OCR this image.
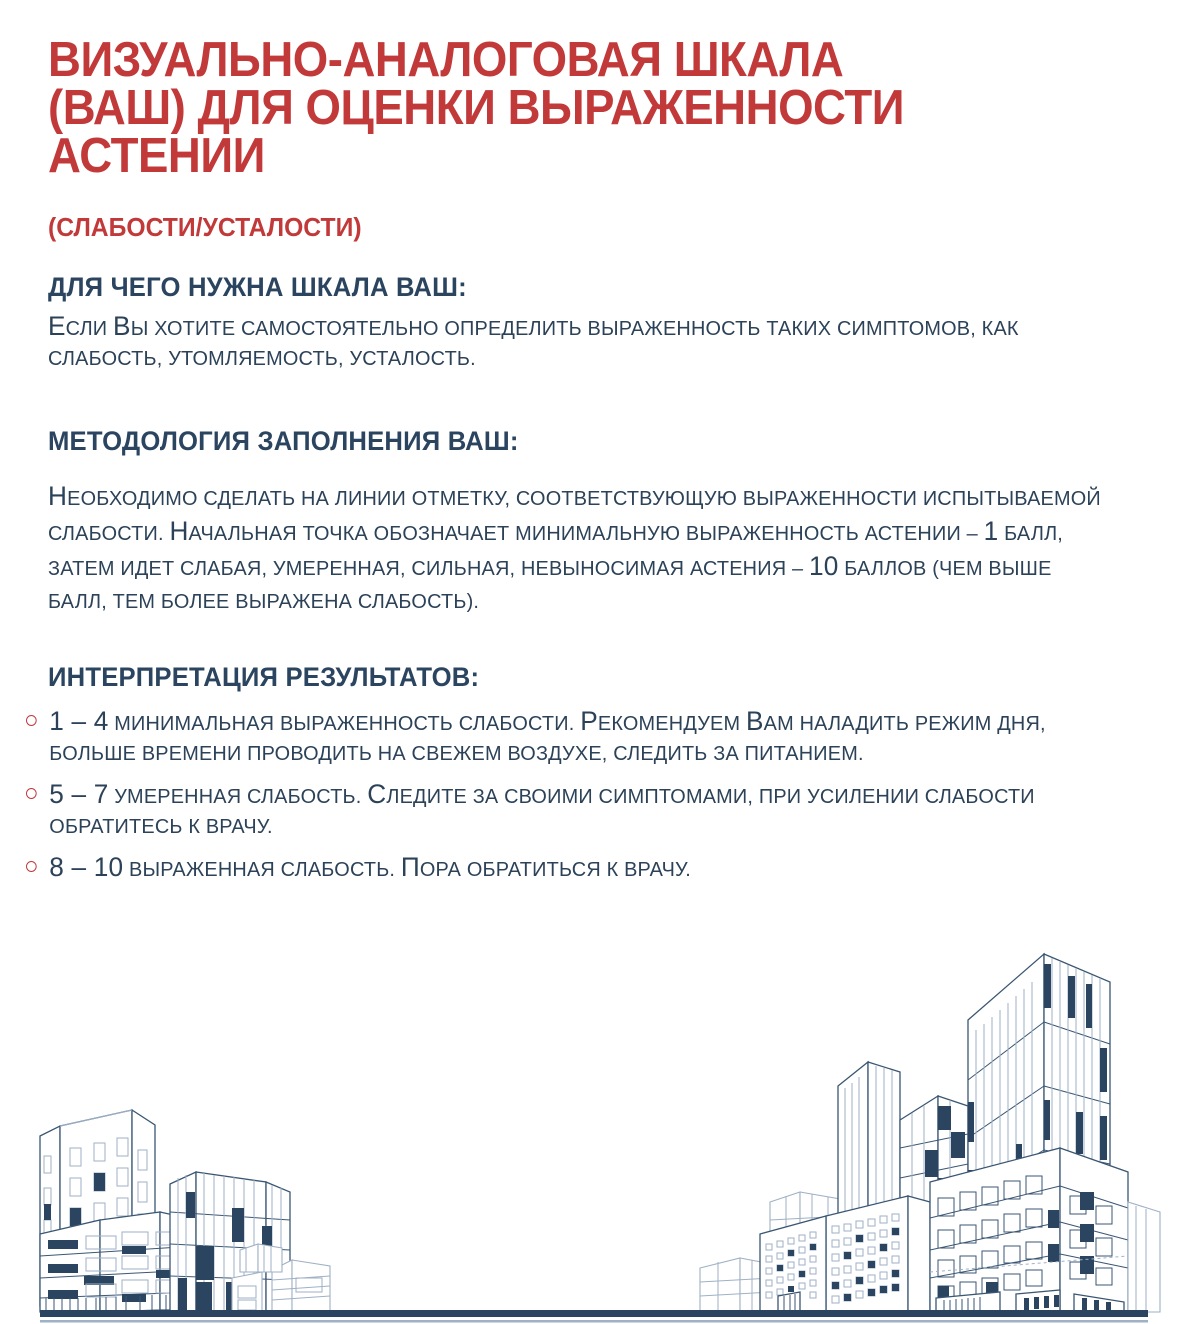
ВИЗУАЛЬНО-АНАЛОГОВАЯ ШКАЛА
(ВАШ) ДЛЯ ОЦЕНКИ ВЫРАЖЕННОСТИ
АСТЕНИИ
(СЛАБОСТИ/УСТАЛОСТИ)
ДЛЯ ЧЕГО НУЖНА ШКАЛА ВАШ:

ЕСЛИ ВЫ ХОТИТЕ САМОСТОЯТЕЛЬНО ОПРЕДЕЛИТЬ ВЫРАЖЕННОСТЬ ТАКИХ СИМПТОМОВ, КАК СЛАБОСТЬ, УТОМЛЯЕМОСТЬ, УСТАЛОСТЬ.

МЕТОДОЛОГИЯ ЗАПОЛНЕНИЯ ВАШ:

НЕОБХОДИМО СДЕЛАТЬ НА ЛИНИИ ОТМЕТКУ, СООТВЕТСТВУЮЩУЮ ВЫРАЖЕННОСТИ ИСПЫТЫВАЕМОЙ СЛАБОСТИ. НАЧАЛЬНАЯ ТОЧКА ОБОЗНАЧАЕТ МИНИМАЛЬНУЮ ВЫРАЖЕННОСТЬ АСТЕНИИ – 1 БАЛЛ, ЗАТЕМ ИДЕТ СЛАБАЯ, УМЕРЕННАЯ, СИЛЬНАЯ, НЕВЫНОСИМАЯ АСТЕНИЯ – 10 БАЛЛОВ (ЧЕМ ВЫШЕ БАЛЛ, ТЕМ БОЛЕЕ ВЫРАЖЕНА СЛАБОСТЬ).

ИНТЕРПРЕТАЦИЯ РЕЗУЛЬТАТОВ:
1 – 4 МИНИМАЛЬНАЯ ВЫРАЖЕННОСТЬ СЛАБОСТИ. РЕКОМЕНДУЕМ ВАМ НАЛАДИТЬ РЕЖИМ ДНЯ, БОЛЬШЕ ВРЕМЕНИ ПРОВОДИТЬ НА СВЕЖЕМ ВОЗДУХЕ, СЛЕДИТЬ ЗА ПИТАНИЕМ.
5 – 7 УМЕРЕННАЯ СЛАБОСТЬ. СЛЕДИТЕ ЗА СВОИМИ СИМПТОМАМИ, ПРИ УСИЛЕНИИ СЛАБОСТИ ОБРАТИТЕСЬ К ВРАЧУ.
8 – 10 ВЫРАЖЕННАЯ СЛАБОСТЬ. ПОРА ОБРАТИТЬСЯ К ВРАЧУ.
